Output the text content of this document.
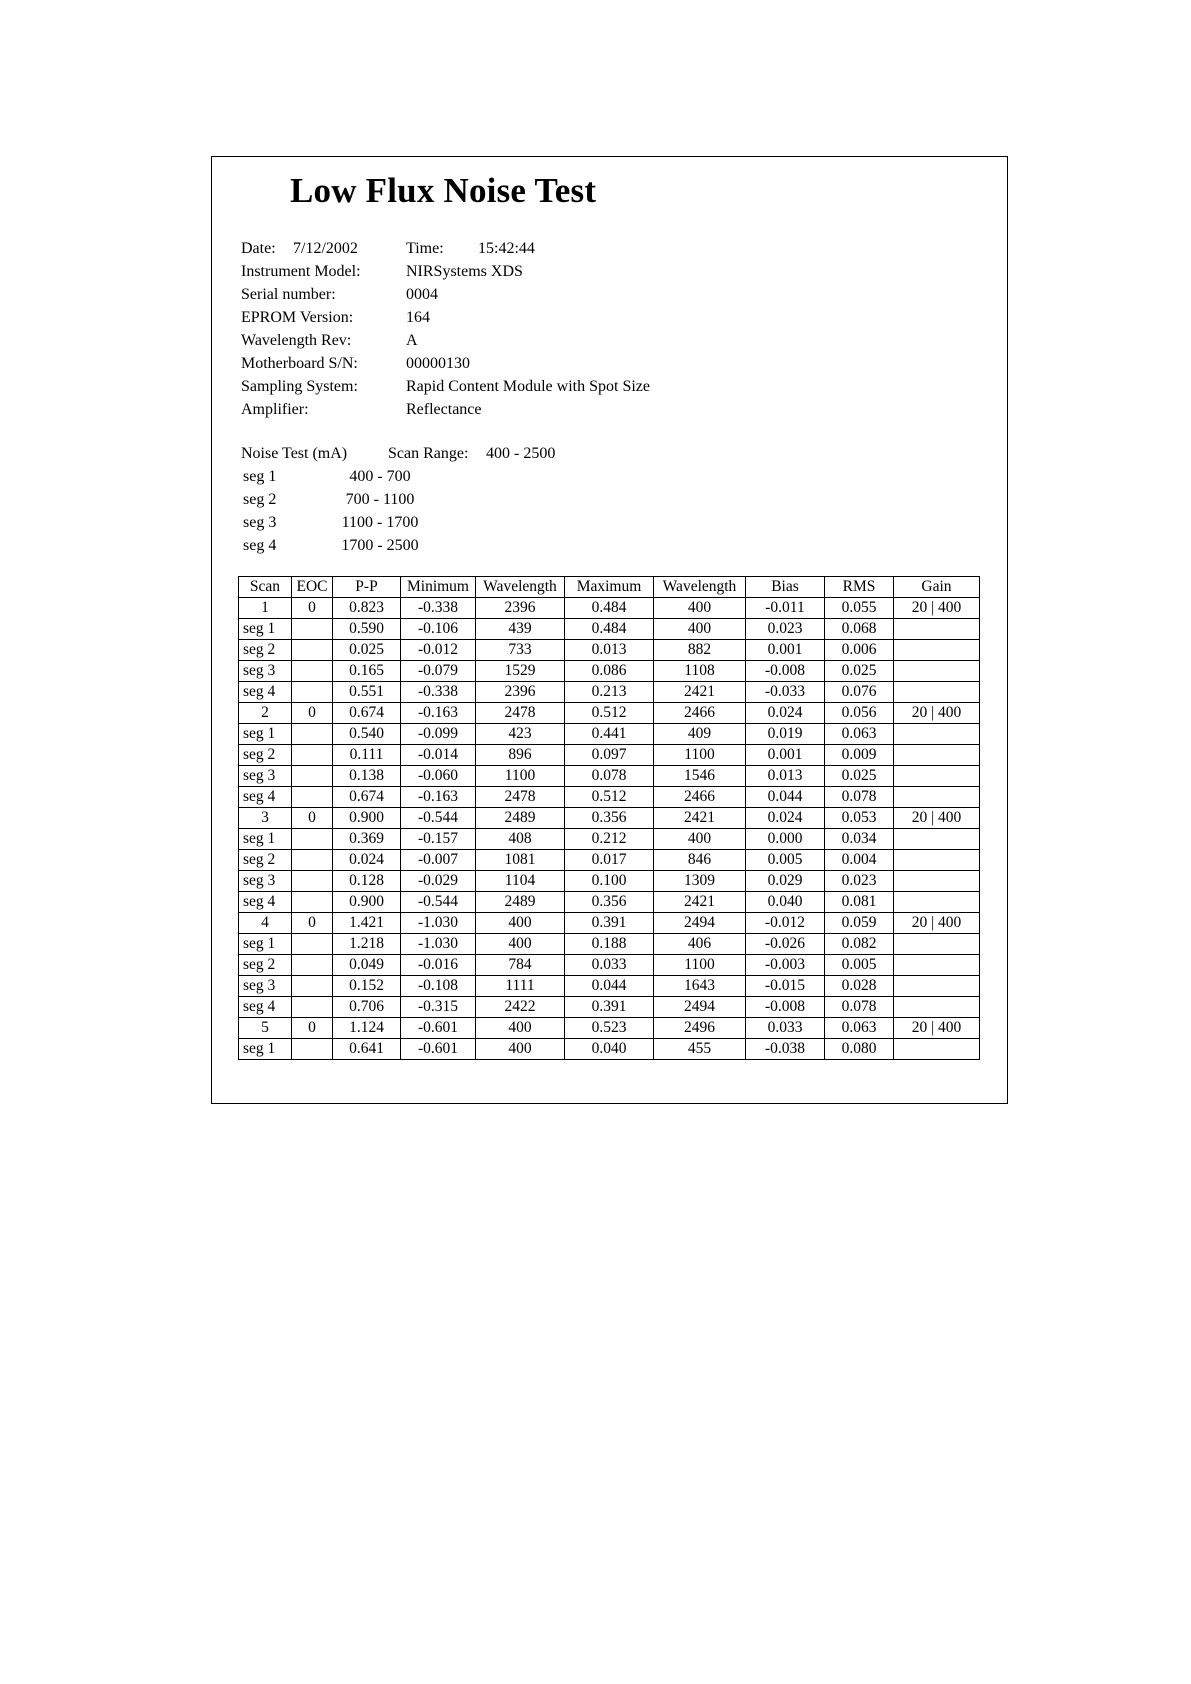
Low Flux Noise Test
Date: 7/12/2002	Time: 15:42:44
Instrument Model:	NIRSystems XDS
Serial number:	0004
EPROM Version:	164
Wavelength Rev:	A
Motherboard S/N:	00000130
Sampling System:	Rapid Content Module with Spot Size
Amplifier:	Reflectance
Noise Test (mA)	Scan Range: 400 - 2500
seg 1	400 - 700
seg 2	700 - 1100
seg 3	1100 - 1700
seg 4	1700 - 2500
Scan	EOC	P-P	Minimum	Wavelength	Maximum	Wavelength	Bias	RMS	Gain
1	0	0.823	-0.338	2396	0.484	400	-0.011	0.055	20 | 400
seg 1		0.590	-0.106	439	0.484	400	0.023	0.068	
seg 2		0.025	-0.012	733	0.013	882	0.001	0.006	
seg 3		0.165	-0.079	1529	0.086	1108	-0.008	0.025	
seg 4		0.551	-0.338	2396	0.213	2421	-0.033	0.076	
2	0	0.674	-0.163	2478	0.512	2466	0.024	0.056	20 | 400
seg 1		0.540	-0.099	423	0.441	409	0.019	0.063	
seg 2		0.111	-0.014	896	0.097	1100	0.001	0.009	
seg 3		0.138	-0.060	1100	0.078	1546	0.013	0.025	
seg 4		0.674	-0.163	2478	0.512	2466	0.044	0.078	
3	0	0.900	-0.544	2489	0.356	2421	0.024	0.053	20 | 400
seg 1		0.369	-0.157	408	0.212	400	0.000	0.034	
seg 2		0.024	-0.007	1081	0.017	846	0.005	0.004	
seg 3		0.128	-0.029	1104	0.100	1309	0.029	0.023	
seg 4		0.900	-0.544	2489	0.356	2421	0.040	0.081	
4	0	1.421	-1.030	400	0.391	2494	-0.012	0.059	20 | 400
seg 1		1.218	-1.030	400	0.188	406	-0.026	0.082	
seg 2		0.049	-0.016	784	0.033	1100	-0.003	0.005	
seg 3		0.152	-0.108	1111	0.044	1643	-0.015	0.028	
seg 4		0.706	-0.315	2422	0.391	2494	-0.008	0.078	
5	0	1.124	-0.601	400	0.523	2496	0.033	0.063	20 | 400
seg 1		0.641	-0.601	400	0.040	455	-0.038	0.080	
